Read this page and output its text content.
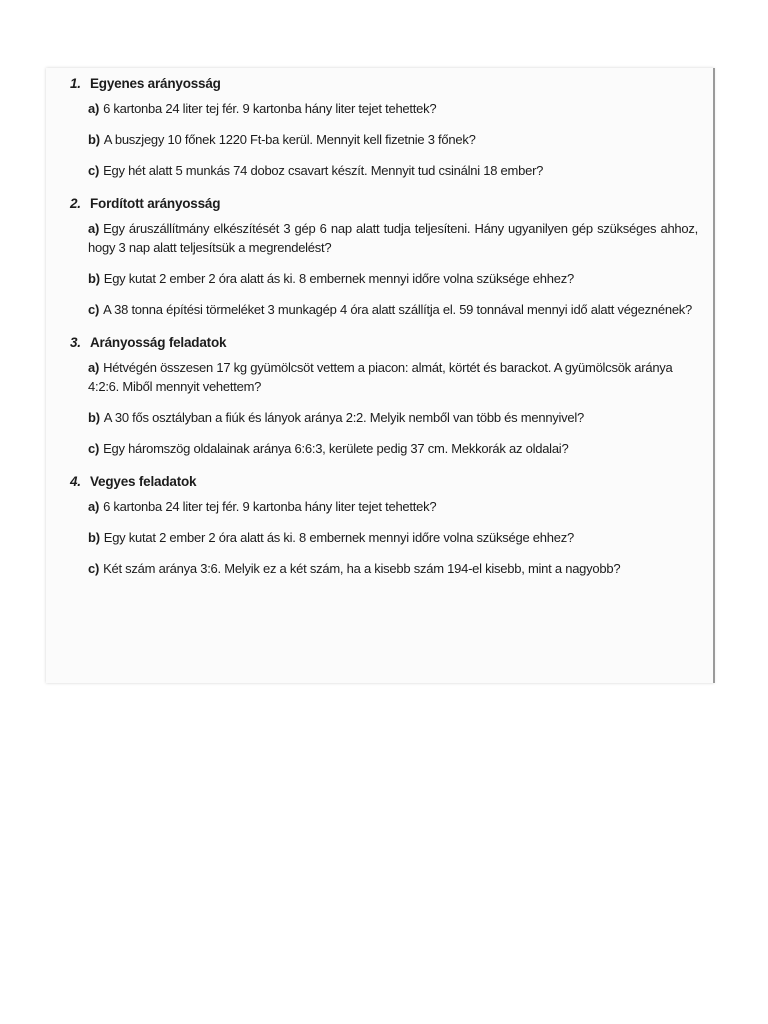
1. Egyenes arányosság

a) 6 kartonba 24 liter tej fér. 9 kartonba hány liter tejet tehettek?

b) A buszjegy 10 főnek 1220 Ft-ba kerül. Mennyit kell fizetnie 3 főnek?

c) Egy hét alatt 5 munkás 74 doboz csavart készít. Mennyit tud csinálni 18 ember?

2. Fordított arányosság

a) Egy áruszállítmány elkészítését 3 gép 6 nap alatt tudja teljesíteni. Hány ugyanilyen gép szükséges ahhoz, hogy 3 nap alatt teljesítsük a megrendelést?

b) Egy kutat 2 ember 2 óra alatt ás ki. 8 embernek mennyi időre volna szüksége ehhez?

c) A 38 tonna építési törmeléket 3 munkagép 4 óra alatt szállítja el. 59 tonnával mennyi idő alatt végeznének?

3. Arányosság feladatok

a) Hétvégén összesen 17 kg gyümölcsöt vettem a piacon: almát, körtét és barackot. A gyümölcsök aránya 4:2:6. Miből mennyit vehettem?

b) A 30 fős osztályban a fiúk és lányok aránya 2:2. Melyik nemből van több és mennyivel?

c) Egy háromszög oldalainak aránya 6:6:3, kerülete pedig 37 cm. Mekkorák az oldalai?

4. Vegyes feladatok

a) 6 kartonba 24 liter tej fér. 9 kartonba hány liter tejet tehettek?

b) Egy kutat 2 ember 2 óra alatt ás ki. 8 embernek mennyi időre volna szüksége ehhez?

c) Két szám aránya 3:6. Melyik ez a két szám, ha a kisebb szám 194-el kisebb, mint a nagyobb?
